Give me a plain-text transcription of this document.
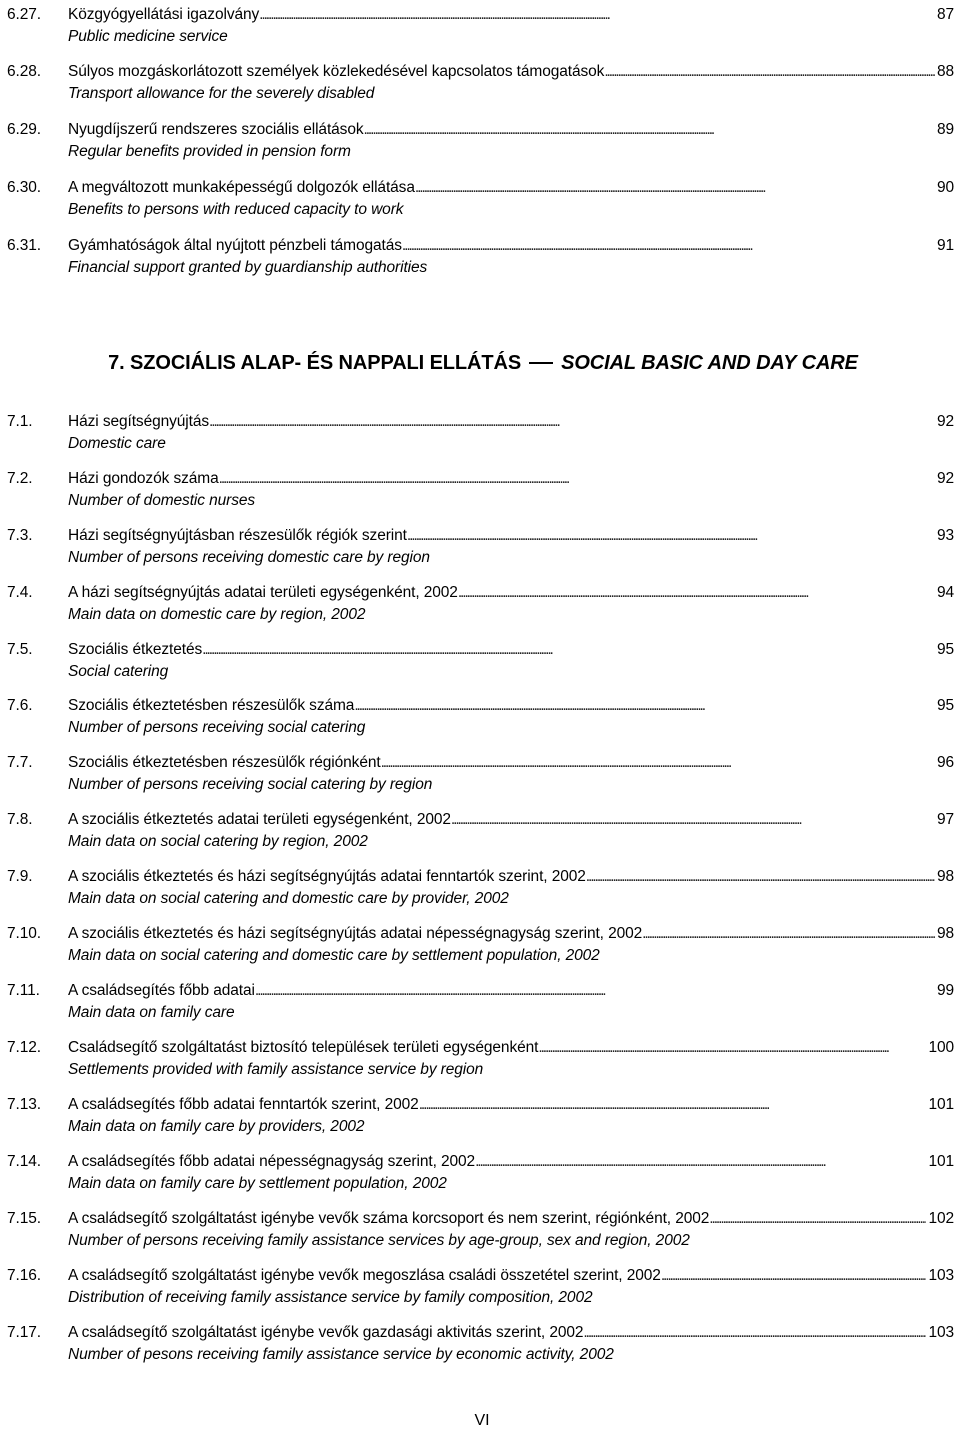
6.27. Közgyógyellátási igazolvány . . .	87
Public medicine service
6.28. Súlyos mozgáskorlátozott személyek közlekedésével kapcsolatos támogatások . . .	88
Transport allowance for the severely disabled
6.29. Nyugdíjszerű rendszeres szociális ellátások . . .	89
Regular benefits provided in pension form
6.30. A megváltozott munkaképességű dolgozók ellátása . . .	90
Benefits to persons with reduced capacity to work
6.31. Gyámhatóságok által nyújtott pénzbeli támogatás . . .	91
Financial support granted by guardianship authorities
7. SZOCIÁLIS ALAP- ÉS NAPPALI ELLÁTÁS SOCIAL BASIC AND DAY CARE
7.1. Házi segítségnyújtás . . .	92
Domestic care
7.2. Házi gondozók száma . . .	92
Number of domestic nurses
7.3. Házi segítségnyújtásban részesülők régiók szerint . . .	93
Number of persons receiving domestic care by region
7.4. A házi segítségnyújtás adatai területi egységenként, 2002 . . .	94
Main data on domestic care by region, 2002
7.5. Szociális étkeztetés . . .	95
Social catering
7.6. Szociális étkeztetésben részesülők száma . . .	95
Number of persons receiving social catering
7.7. Szociális étkeztetésben részesülők régiónként . . .	96
Number of persons receiving social catering by region
7.8. A szociális étkeztetés adatai területi egységenként, 2002 . . .	97
Main data on social catering by region, 2002
7.9. A szociális étkeztetés és házi segítségnyújtás adatai fenntartók szerint, 2002 . . .	98
Main data on social catering and domestic care by provider, 2002
7.10. A szociális étkeztetés és házi segítségnyújtás adatai népességnagyság szerint, 2002 . . .	98
Main data on social catering and domestic care by settlement population, 2002
7.11. A családsegítés főbb adatai . . .	99
Main data on family care
7.12. Családsegítő szolgáltatást biztosító települések területi egységenként . . .	100
Settlements provided with family assistance service by region
7.13. A családsegítés főbb adatai fenntartók szerint, 2002 . . .	101
Main data on family care by providers, 2002
7.14. A családsegítés főbb adatai népességnagyság szerint, 2002 . . .	101
Main data on family care by settlement population, 2002
7.15. A családsegítő szolgáltatást igénybe vevők száma korcsoport és nem szerint, régiónként, 2002 . . .	102
Number of persons receiving family assistance services by age-group, sex and region, 2002
7.16. A családsegítő szolgáltatást igénybe vevők megoszlása családi összetétel szerint, 2002 . . .	103
Distribution of receiving family assistance service by family composition, 2002
7.17. A családsegítő szolgáltatást igénybe vevők gazdasági aktivitás szerint, 2002 . . .	103
Number of pesons receiving family assistance service by economic activity, 2002
VI
